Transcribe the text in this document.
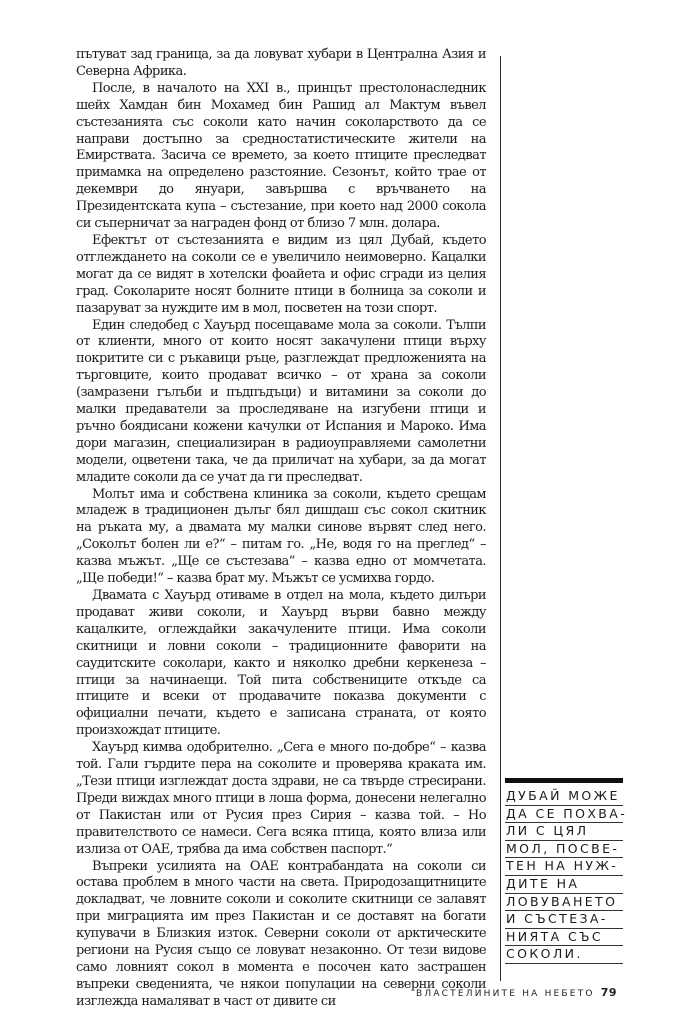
пътуват зад граница, за да ловуват хубари в Централна Азия и Северна Африка.

После, в началото на XXI в., принцът престолонаследник шейх Хамдан бин Мохамед бин Рашид ал Мактум въвел състезанията със соколи като начин соколарството да се направи достъпно за средностатистическите жители на Емирствата. Засича се времето, за което птиците преследват примамка на определено разстояние. Сезонът, който трае от декември до януари, завършва с връчването на Президентската купа – състезание, при което над 2000 сокола си съперничат за награден фонд от близо 7 млн. долара.

Ефектът от състезанията е видим из цял Дубай, където отглеждането на соколи се е увеличило неимоверно. Кацалки могат да се видят в хотелски фоайета и офис сгради из целия град. Соколарите носят болните птици в болница за соколи и пазаруват за нуждите им в мол, посветен на този спорт.

Един следобед с Хауърд посещаваме мола за соколи. Тълпи от клиенти, много от които носят закачулени птици върху покритите си с ръкавици ръце, разглеждат предложенията на търговците, които продават всичко – от храна за соколи (замразени гълъби и пъдпъдъци) и витамини за соколи до малки предаватели за проследяване на изгубени птици и ръчно боядисани кожени качулки от Испания и Мароко. Има дори магазин, специализиран в радиоуправляеми самолетни модели, оцветени така, че да приличат на хубари, за да могат младите соколи да се учат да ги преследват.

Молът има и собствена клиника за соколи, където срещам младеж в традиционен дълъг бял дишдаш със сокол скитник на ръката му, а двамата му малки синове вървят след него. „Соколът болен ли е?“ – питам го. „Не, водя го на преглед“ – казва мъжът. „Ще се състезава“ – казва едно от момчетата. „Ще победи!“ – казва брат му. Мъжът се усмихва гордо.

Двамата с Хауърд отиваме в отдел на мола, където дилъри продават живи соколи, и Хауърд върви бавно между кацалките, оглеждайки закачулените птици. Има соколи скитници и ловни соколи – традиционните фаворити на саудитските соколари, както и няколко дребни керкенеза – птици за начинаещи. Той пита собствениците откъде са птиците и всеки от продавачите показва документи с официални печати, където е записана страната, от която произхождат птиците.

Хауърд кимва одобрително. „Сега е много по-добре“ – казва той. Гали гърдите пера на соколите и проверява краката им. „Тези птици изглеждат доста здрави, не са твърде стресирани. Преди виждах много птици в лоша форма, донесени нелегално от Пакистан или от Русия през Сирия – казва той. – Но правителството се намеси. Сега всяка птица, която влиза или излиза от ОАЕ, трябва да има собствен паспорт.“

Въпреки усилията на ОАЕ контрабандата на соколи си остава проблем в много части на света. Природозащитниците докладват, че ловните соколи и соколите скитници се залавят при миграцията им през Пакистан и се доставят на богати купувачи в Близкия изток. Северни соколи от арктическите региони на Русия също се ловуват незаконно. От тези видове само ловният сокол в момента е посочен като застрашен въпреки сведенията, че някои популации на северни соколи изглежда намаляват в част от дивите си

ДУБАЙ МОЖЕ
ДА СЕ ПОХВА-
ЛИ С ЦЯЛ
МОЛ, ПОСВЕ-
ТЕН НА НУЖ-
ДИТЕ НА
ЛОВУВАНЕТО
И СЪСТЕЗА-
НИЯТА СЪС
СОКОЛИ.
ВЛАСТЕЛИНИТЕ НА НЕБЕТО 79
